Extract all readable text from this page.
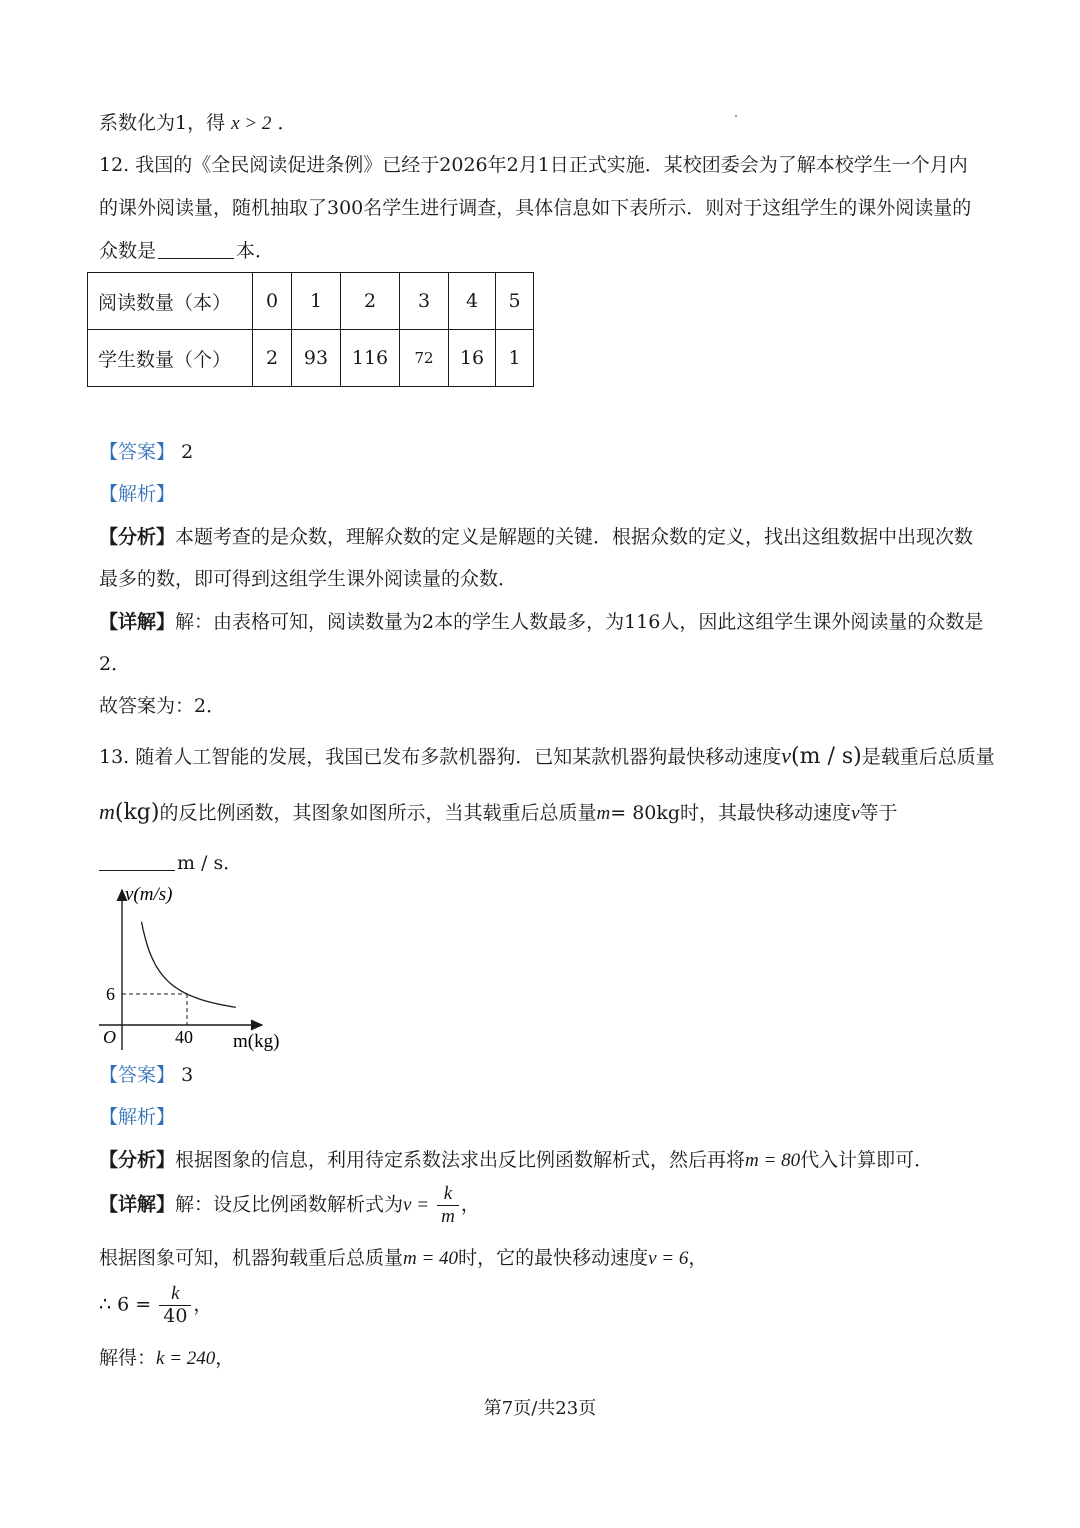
系数化为1，得 x > 2 ．
12. 我国的《全民阅读促进条例》已经于2026年2月1日正式实施．某校团委会为了解本校学生一个月内
的课外阅读量，随机抽取了300名学生进行调查，具体信息如下表所示．则对于这组学生的课外阅读量的
众数是	本．
阅读数量（本）	0	1	2	3	4	5
学生数量（个）	2	93	116	72	16	1
【答案】 2
【解析】
【分析】本题考查的是众数，理解众数的定义是解题的关键．根据众数的定义，找出这组数据中出现次数
最多的数，即可得到这组学生课外阅读量的众数．
【详解】解：由表格可知，阅读数量为2本的学生人数最多，为116人，因此这组学生课外阅读量的众数是
2．
故答案为：2．
13. 随着人工智能的发展，我国已发布多款机器狗．已知某款机器狗最快移动速度v(m / s)是载重后总质量
m(kg)的反比例函数，其图象如图所示，当其载重后总质量m= 80kg时，其最快移动速度v等于
m / s．
v(m/s)
6
40
O	m(kg)
【答案】 3
【解析】
【分析】根据图象的信息，利用待定系数法求出反比例函数解析式，然后再将m = 80代入计算即可．
【详解】解：设反比例函数解析式为$v = \frac{k}{m}$ ，
根据图象可知，机器狗载重后总质量m = 40时，它的最快移动速度v = 6，
∴ $6 = \frac{k}{40}$ ，
解得：k = 240，
第7页/共23页
